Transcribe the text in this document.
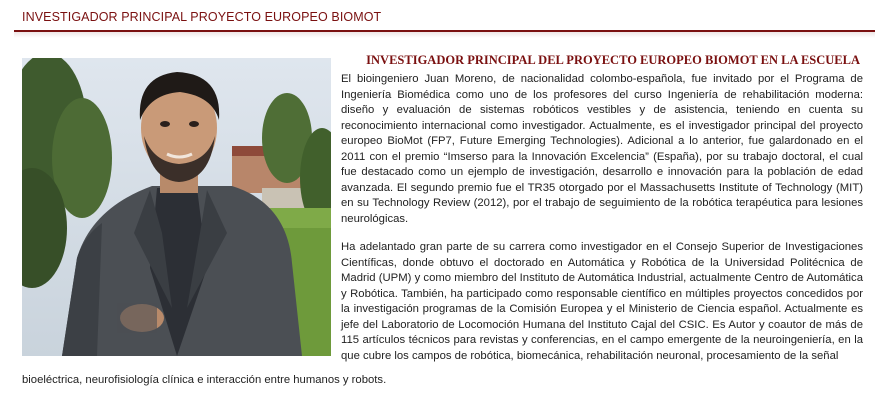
INVESTIGADOR PRINCIPAL PROYECTO EUROPEO BIOMOT
INVESTIGADOR PRINCIPAL DEL PROYECTO EUROPEO BIOMOT EN LA ESCUELA

El bioingeniero Juan Moreno, de nacionalidad colombo-española, fue invitado por el Programa de Ingeniería Biomédica como uno de los profesores del curso Ingeniería de rehabilitación moderna: diseño y evaluación de sistemas robóticos vestibles y de asistencia, teniendo en cuenta su reconocimiento internacional como investigador. Actualmente, es el investigador principal del proyecto europeo BioMot (FP7, Future Emerging Technologies). Adicional a lo anterior, fue galardonado en el 2011 con el premio “Imserso para la Innovación Excelencia” (España), por su trabajo doctoral, el cual fue destacado como un ejemplo de investigación, desarrollo e innovación para la población de edad avanzada. El segundo premio fue el TR35 otorgado por el Massachusetts Institute of Technology (MIT) en su Technology Review (2012), por el trabajo de seguimiento de la robótica terapéutica para lesiones neurológicas.

Ha adelantado gran parte de su carrera como investigador en el Consejo Superior de Investigaciones Científicas, donde obtuvo el doctorado en Automática y Robótica de la Universidad Politécnica de Madrid (UPM) y como miembro del Instituto de Automática Industrial, actualmente Centro de Automática y Robótica. También, ha participado como responsable científico en múltiples proyectos concedidos por la investigación programas de la Comisión Europea y el Ministerio de Ciencia español. Actualmente es jefe del Laboratorio de Locomoción Humana del Instituto Cajal del CSIC. Es Autor y coautor de más de 115 artículos técnicos para revistas y conferencias, en el campo emergente de la neuroingeniería, en la que cubre los campos de robótica, biomecánica, rehabilitación neuronal, procesamiento de la señal

bioeléctrica, neurofisiología clínica e interacción entre humanos y robots.
